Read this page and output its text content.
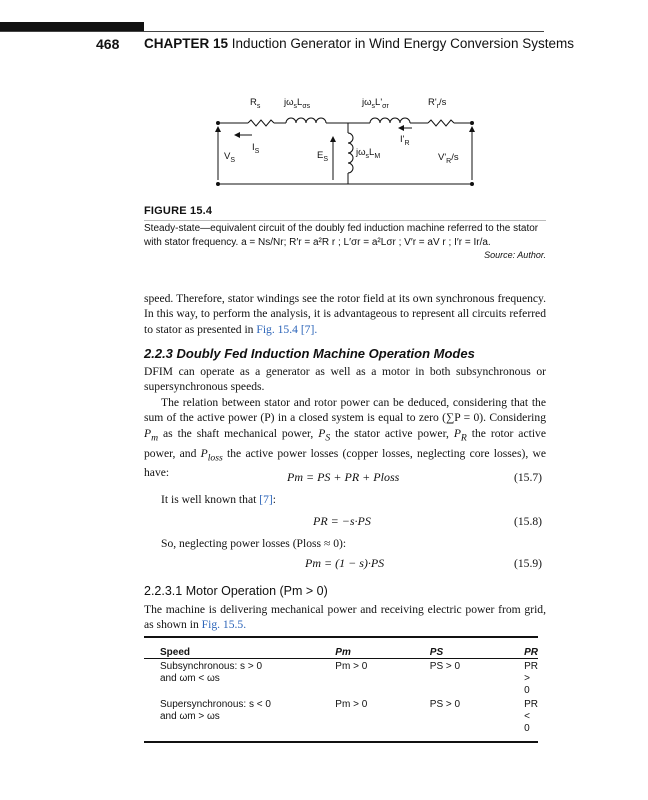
468 CHAPTER 15 Induction Generator in Wind Energy Conversion Systems
$R_s$ $j\omega_sL_{\sigma s}$	$j\omega_sL'_{\sigma r}$	$R'_r/s$
$I_S$
$I'_R$
$V_S$	$E_S$
$j\omega_sL_M$	$V'_R/s$
FIGURE 15.4
Steady-state—equivalent circuit of the doubly fed induction machine referred to the stator
with stator frequency. a = Ns/Nr; R′r = a²R r ; L′σr = a²Lσr ; V′r = aV r ; I′r = Ir/a.
Source: Author.
speed. Therefore, stator windings see the rotor field at its own synchronous frequency. In this way, to perform the analysis, it is advantageous to represent all circuits referred to stator as presented in Fig. 15.4 [7].
2.2.3 Doubly Fed Induction Machine Operation Modes
DFIM can operate as a generator as well as a motor in both subsynchronous or supersynchronous speeds.
The relation between stator and rotor power can be deduced, considering that the sum of the active power (P) in a closed system is equal to zero (∑P = 0). Considering $P_m$ as the shaft mechanical power, $P_S$ the stator active power, $P_R$ the rotor active power, and $P_{loss}$ the active power losses (copper losses, neglecting core losses), we have:	Pm = PS + PR + Ploss	(15.7)
It is well known that [7]:
PR = −s·PS	(15.8)
So, neglecting power losses (Ploss ≈ 0):
Pm = (1 − s)·PS	(15.9)
2.2.3.1 Motor Operation (Pm > 0)
The machine is delivering mechanical power and receiving electric power from grid, as shown in Fig. 15.5.
Speed	Pm	PS	PR

Subsynchronous: s > 0
and ωm < ωs	Pm > 0	PS > 0	PR > 0

Supersynchronous: s < 0
and ωm > ωs	Pm > 0	PS > 0	PR < 0
